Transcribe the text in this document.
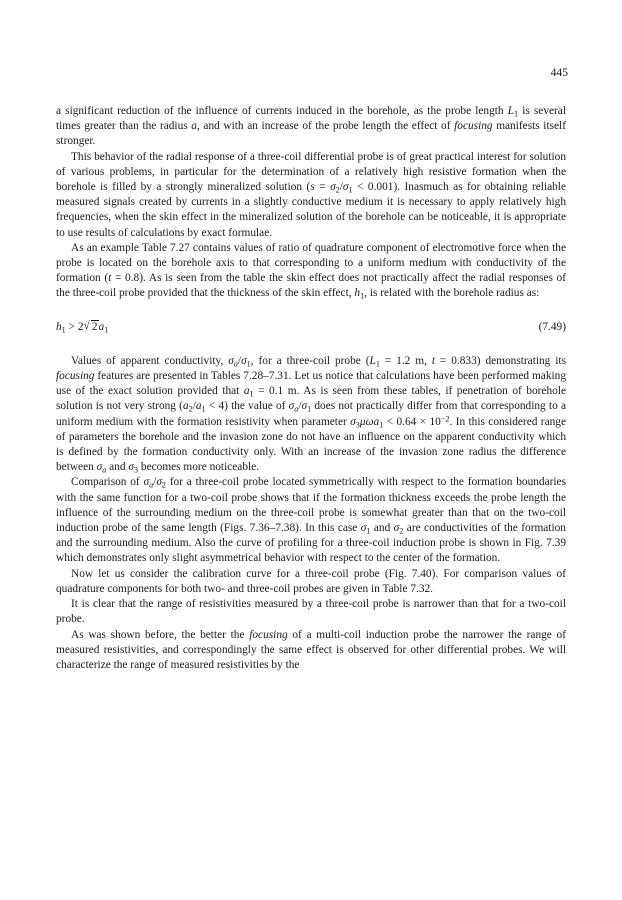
445

a significant reduction of the influence of currents induced in the borehole, as the probe length $L_1$ is several times greater than the radius a, and with an increase of the probe length the effect of focusing manifests itself stronger.

This behavior of the radial response of a three-coil differential probe is of great practical interest for solution of various problems, in particular for the determination of a relatively high resistive formation when the borehole is filled by a strongly mineralized solution $(s = \sigma_2/\sigma_1 < 0.001)$. Inasmuch as for obtaining reliable measured signals created by currents in a slightly conductive medium it is necessary to apply relatively high frequencies, when the skin effect in the mineralized solution of the borehole can be noticeable, it is appropriate to use results of calculations by exact formulae.

As an example Table 7.27 contains values of ratio of quadrature component of electromotive force when the probe is located on the borehole axis to that corresponding to a uniform medium with conductivity of the formation (t = 0.8). As is seen from the table the skin effect does not practically affect the radial responses of the three-coil probe provided that the thickness of the skin effect, $h_1$, is related with the borehole radius as:

$h_1 > 2√$ $2a_1$	(7.49)

Values of apparent conductivity, $\sigma_a/\sigma_1$, for a three-coil probe ($L_1 = 1.2$ m, t = 0.833) demonstrating its focusing features are presented in Tables 7.28–7.31. Let us notice that calculations have been performed making use of the exact solution provided that $a_1 = 0.1$ m. As is seen from these tables, if penetration of borehole solution is not very strong $(a_2/a_1 < 4)$ the value of $\sigma_a/\sigma_1$ does not practically differ from that corresponding to a uniform medium with the formation resistivity when parameter $\sigma_3\mu\omega a_1 < 0.64 \times 10^{-2}$. In this considered range of parameters the borehole and the invasion zone do not have an influence on the apparent conductivity which is defined by the formation conductivity only. With an increase of the invasion zone radius the difference between $\sigma_a$ and $\sigma_3$ becomes more noticeable.

Comparison of $\sigma_a/\sigma_2$ for a three-coil probe located symmetrically with respect to the formation boundaries with the same function for a two-coil probe shows that if the formation thickness exceeds the probe length the influence of the surrounding medium on the three-coil probe is somewhat greater than that on the two-coil induction probe of the same length (Figs. 7.36–7.38). In this case $\sigma_1$ and $\sigma_2$ are conductivities of the formation and the surrounding medium. Also the curve of profiling for a three-coil induction probe is shown in Fig. 7.39 which demonstrates only slight asymmetrical behavior with respect to the center of the formation.

Now let us consider the calibration curve for a three-coil probe (Fig. 7.40). For comparison values of quadrature components for both two- and three-coil probes are given in Table 7.32.

It is clear that the range of resistivities measured by a three-coil probe is narrower than that for a two-coil probe.

As was shown before, the better the focusing of a multi-coil induction probe the narrower the range of measured resistivities, and correspondingly the same effect is observed for other differential probes. We will characterize the range of measured resistivities by the
